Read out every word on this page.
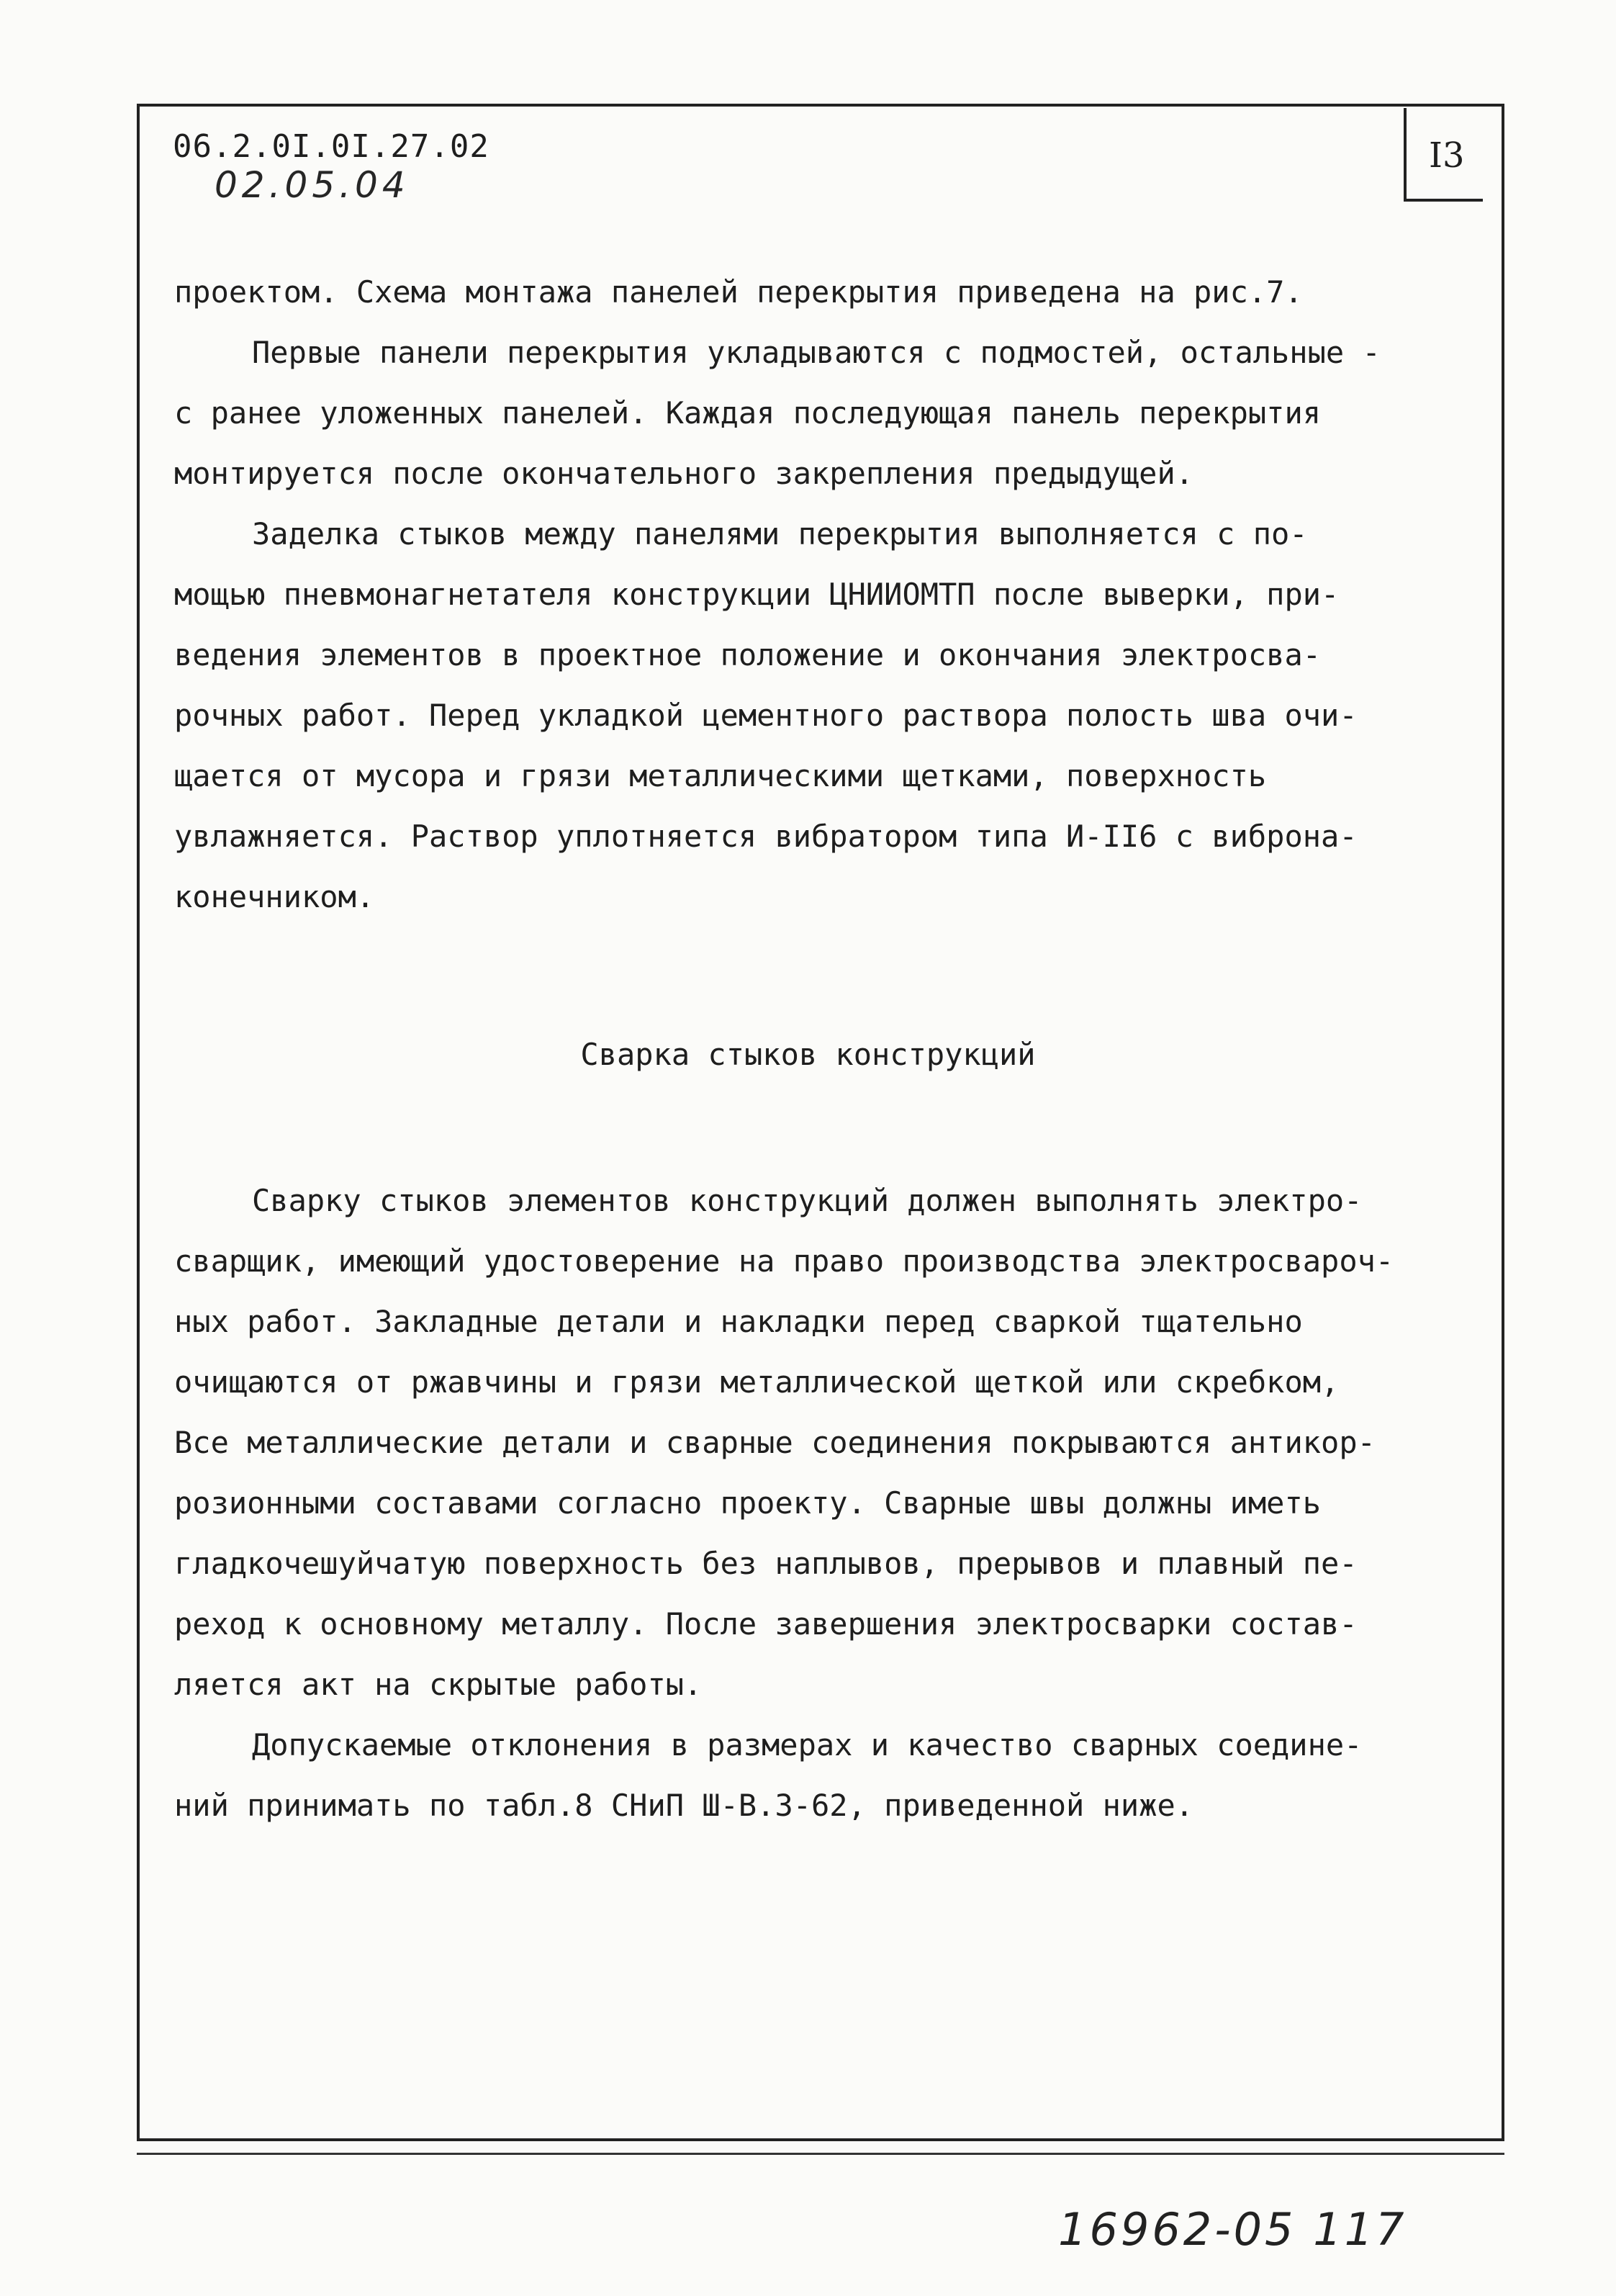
06.2.0I.0I.27.02
02.05.04
I3

проектом. Схема монтажа панелей перекрытия приведена на рис.7.

Первые панели перекрытия укладываются с подмостей, остальные -
с ранее уложенных панелей. Каждая последующая панель перекрытия
монтируется после окончательного закрепления предыдущей.

Заделка стыков между панелями перекрытия выполняется с по-
мощью пневмонагнетателя конструкции ЦНИИОМТП после выверки, при-
ведения элементов в проектное положение и окончания электросва-
рочных работ. Перед укладкой цементного раствора полость шва очи-
щается от мусора и грязи металлическими щетками, поверхность
увлажняется. Раствор уплотняется вибратором типа И-II6 с виброна-
конечником.

Сварка стыков конструкций

Сварку стыков элементов конструкций должен выполнять электро-
сварщик, имеющий удостоверение на право производства электросвароч-
ных работ. Закладные детали и накладки перед сваркой тщательно
очищаются от ржавчины и грязи металлической щеткой или скребком,
Все металлические детали и сварные соединения покрываются антикор-
розионными составами согласно проекту. Сварные швы должны иметь
гладкочешуйчатую поверхность без наплывов, прерывов и плавный пе-
реход к основному металлу. После завершения электросварки состав-
ляется акт на скрытые работы.

Допускаемые отклонения в размерах и качество сварных соедине-
ний принимать по табл.8 СНиП Ш-В.3-62, приведенной ниже.

16962-05 117
